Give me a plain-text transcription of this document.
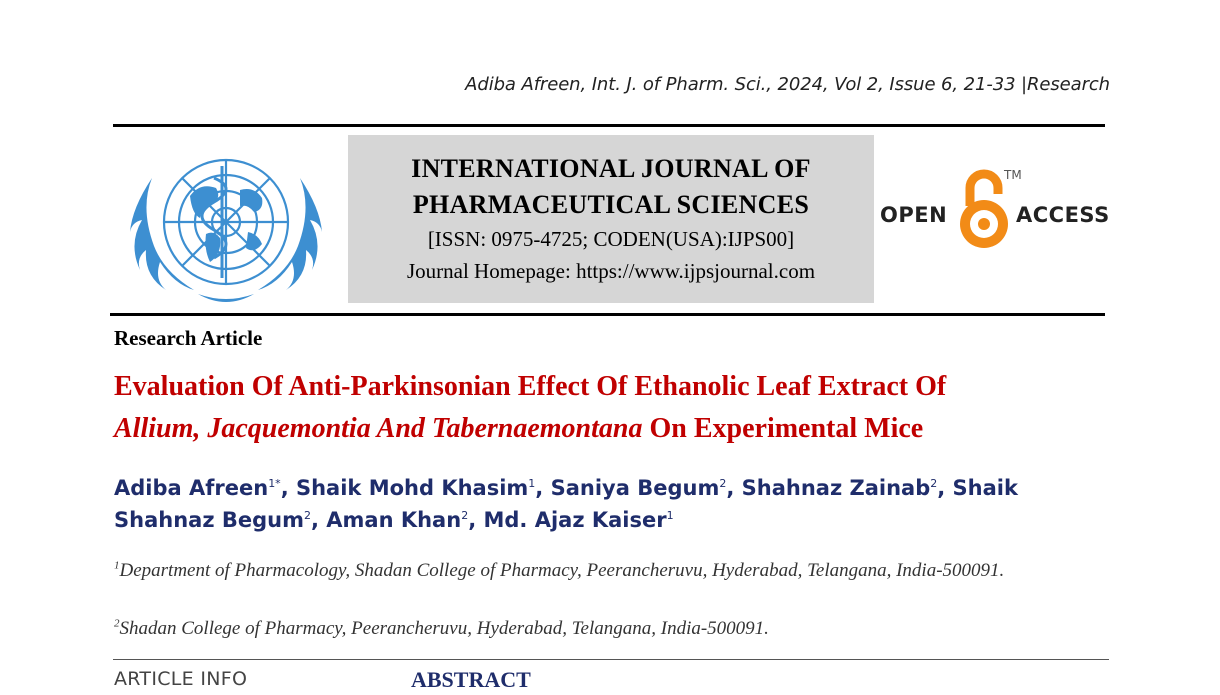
Adiba Afreen, Int. J. of Pharm. Sci., 2024, Vol 2, Issue 6, 21-33 |Research
INTERNATIONAL JOURNAL OF
PHARMACEUTICAL SCIENCES
[ISSN: 0975-4725; CODEN(USA):IJPS00]
Journal Homepage: https://www.ijpsjournal.com
OPEN
TM
ACCESS
Research Article
Evaluation Of Anti-Parkinsonian Effect Of Ethanolic Leaf Extract Of
Allium, Jacquemontia And Tabernaemontana On Experimental Mice
Adiba Afreen$^{1*}$, Shaik Mohd Khasim$^1$, Saniya Begum$^2$, Shahnaz Zainab$^2$, Shaik Shahnaz Begum$^2$, Aman Khan$^2$, Md. Ajaz Kaiser$^1$
$^1$Department of Pharmacology, Shadan College of Pharmacy, Peerancheruvu, Hyderabad, Telangana, India-500091.
$^2$Shadan College of Pharmacy, Peerancheruvu, Hyderabad, Telangana, India-500091.
ARTICLE INFO	ABSTRACT
